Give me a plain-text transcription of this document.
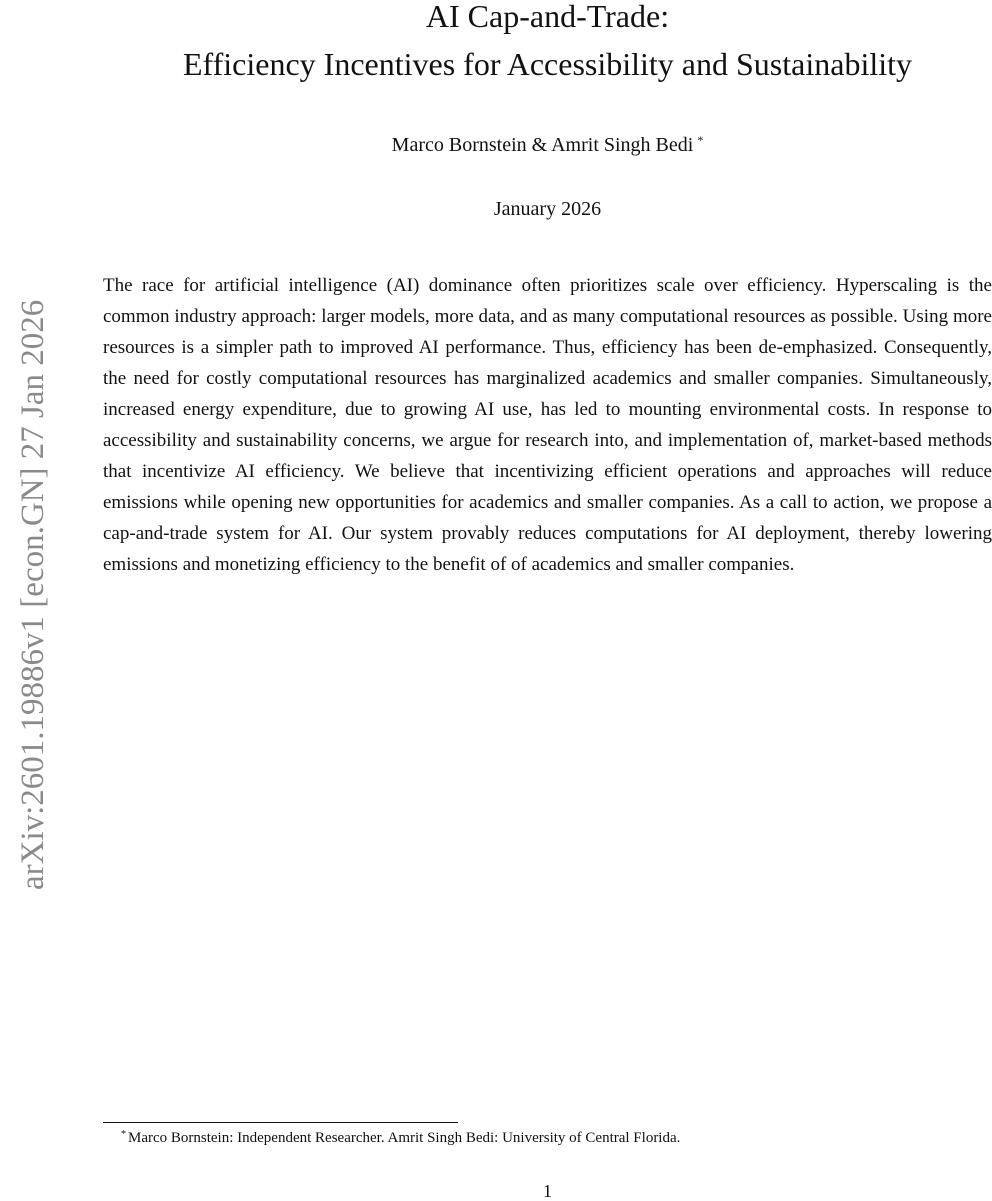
arXiv:2601.19886v1 [econ.GN] 27 Jan 2026
AI Cap-and-Trade:
Efficiency Incentives for Accessibility and Sustainability
Marco Bornstein & Amrit Singh Bedi *
January 2026

The race for artificial intelligence (AI) dominance often prioritizes scale over efficiency. Hyperscaling is the common industry approach: larger models, more data, and as many computational resources as possible. Using more resources is a simpler path to improved AI performance. Thus, efficiency has been de-emphasized. Consequently, the need for costly computational resources has marginalized academics and smaller companies. Simultaneously, increased energy expenditure, due to growing AI use, has led to mounting environmental costs. In response to accessibility and sustainability concerns, we argue for research into, and implementation of, market-based methods that incentivize AI efficiency. We believe that incentivizing efficient operations and approaches will reduce emissions while opening new opportunities for academics and smaller companies. As a call to action, we propose a cap-and-trade system for AI. Our system provably reduces computations for AI deployment, thereby lowering emissions and monetizing efficiency to the benefit of of academics and smaller companies.

* Marco Bornstein: Independent Researcher. Amrit Singh Bedi: University of Central Florida.
1
